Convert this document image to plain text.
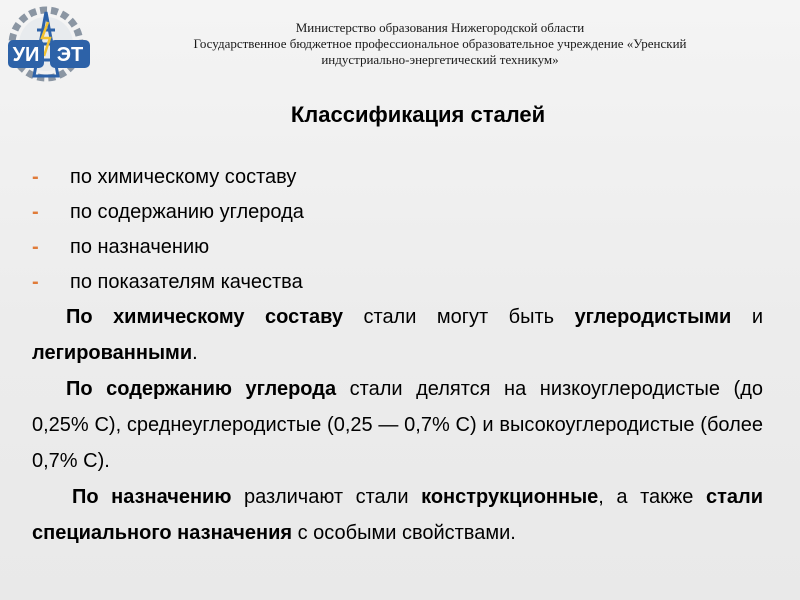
УИ ЭТ
Министерство образования Нижегородской области
Государственное бюджетное профессиональное образовательное учреждение «Уренский
индустриально-энергетический техникум»
Классификация сталей
- по химическому составу
- по содержанию углерода
- по назначению
- по показателям качества

По химическому составу стали могут быть углеродистыми и легированными.

По содержанию углерода стали делятся на низкоуглеродистые (до 0,25% С), среднеуглеродистые (0,25 — 0,7% С) и высокоуглеродистые (более 0,7% С).

По назначению различают стали конструкционные, а также стали специального назначения с особыми свойствами.
